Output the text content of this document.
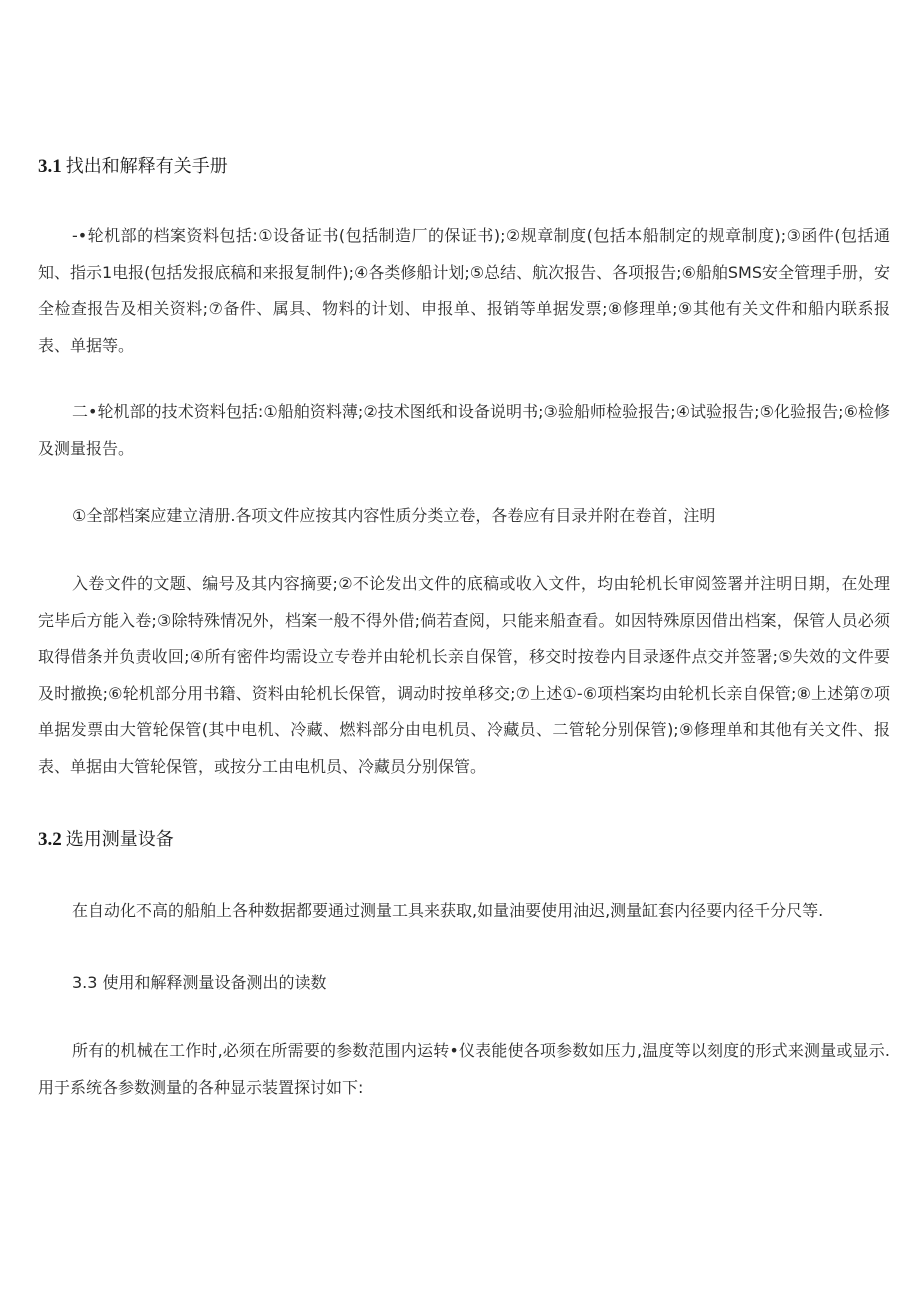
3.1 找出和解释有关手册

-•轮机部的档案资料包括:①设备证书(包括制造厂的保证书);②规章制度(包括本船制定的规章制度);③函件(包括通知、指示1电报(包括发报底稿和来报复制件);④各类修船计划;⑤总结、航次报告、各项报告;⑥船舶SMS安全管理手册，安全检查报告及相关资料;⑦备件、属具、物料的计划、申报单、报销等单据发票;⑧修理单;⑨其他有关文件和船内联系报表、单据等。

二•轮机部的技术资料包括:①船舶资料薄;②技术图纸和设备说明书;③验船师检验报告;④试验报告;⑤化验报告;⑥检修及测量报告。

①全部档案应建立清册.各项文件应按其内容性质分类立卷，各卷应有目录并附在卷首，注明

入卷文件的文题、编号及其内容摘要;②不论发出文件的底稿或收入文件，均由轮机长审阅签署并注明日期，在处理完毕后方能入卷;③除特殊情况外，档案一般不得外借;倘若查阅，只能来船查看。如因特殊原因借出档案，保管人员必须取得借条并负责收回;④所有密件均需设立专卷并由轮机长亲自保管，移交时按卷内目录逐件点交并签署;⑤失效的文件要及时撤换;⑥轮机部分用书籍、资料由轮机长保管，调动时按单移交;⑦上述①-⑥项档案均由轮机长亲自保管;⑧上述第⑦项单据发票由大管轮保管(其中电机、冷藏、燃料部分由电机员、冷藏员、二管轮分别保管);⑨修理单和其他有关文件、报表、单据由大管轮保管，或按分工由电机员、冷藏员分别保管。

3.2 选用测量设备

在自动化不高的船舶上各种数据都要通过测量工具来获取,如量油要使用油迟,测量缸套内径要内径千分尺等.

3.3 使用和解释测量设备测出的读数

所有的机械在工作时,必须在所需要的参数范围内运转•仪表能使各项参数如压力,温度等以刻度的形式来测量或显示.用于系统各参数测量的各种显示装置探讨如下:
